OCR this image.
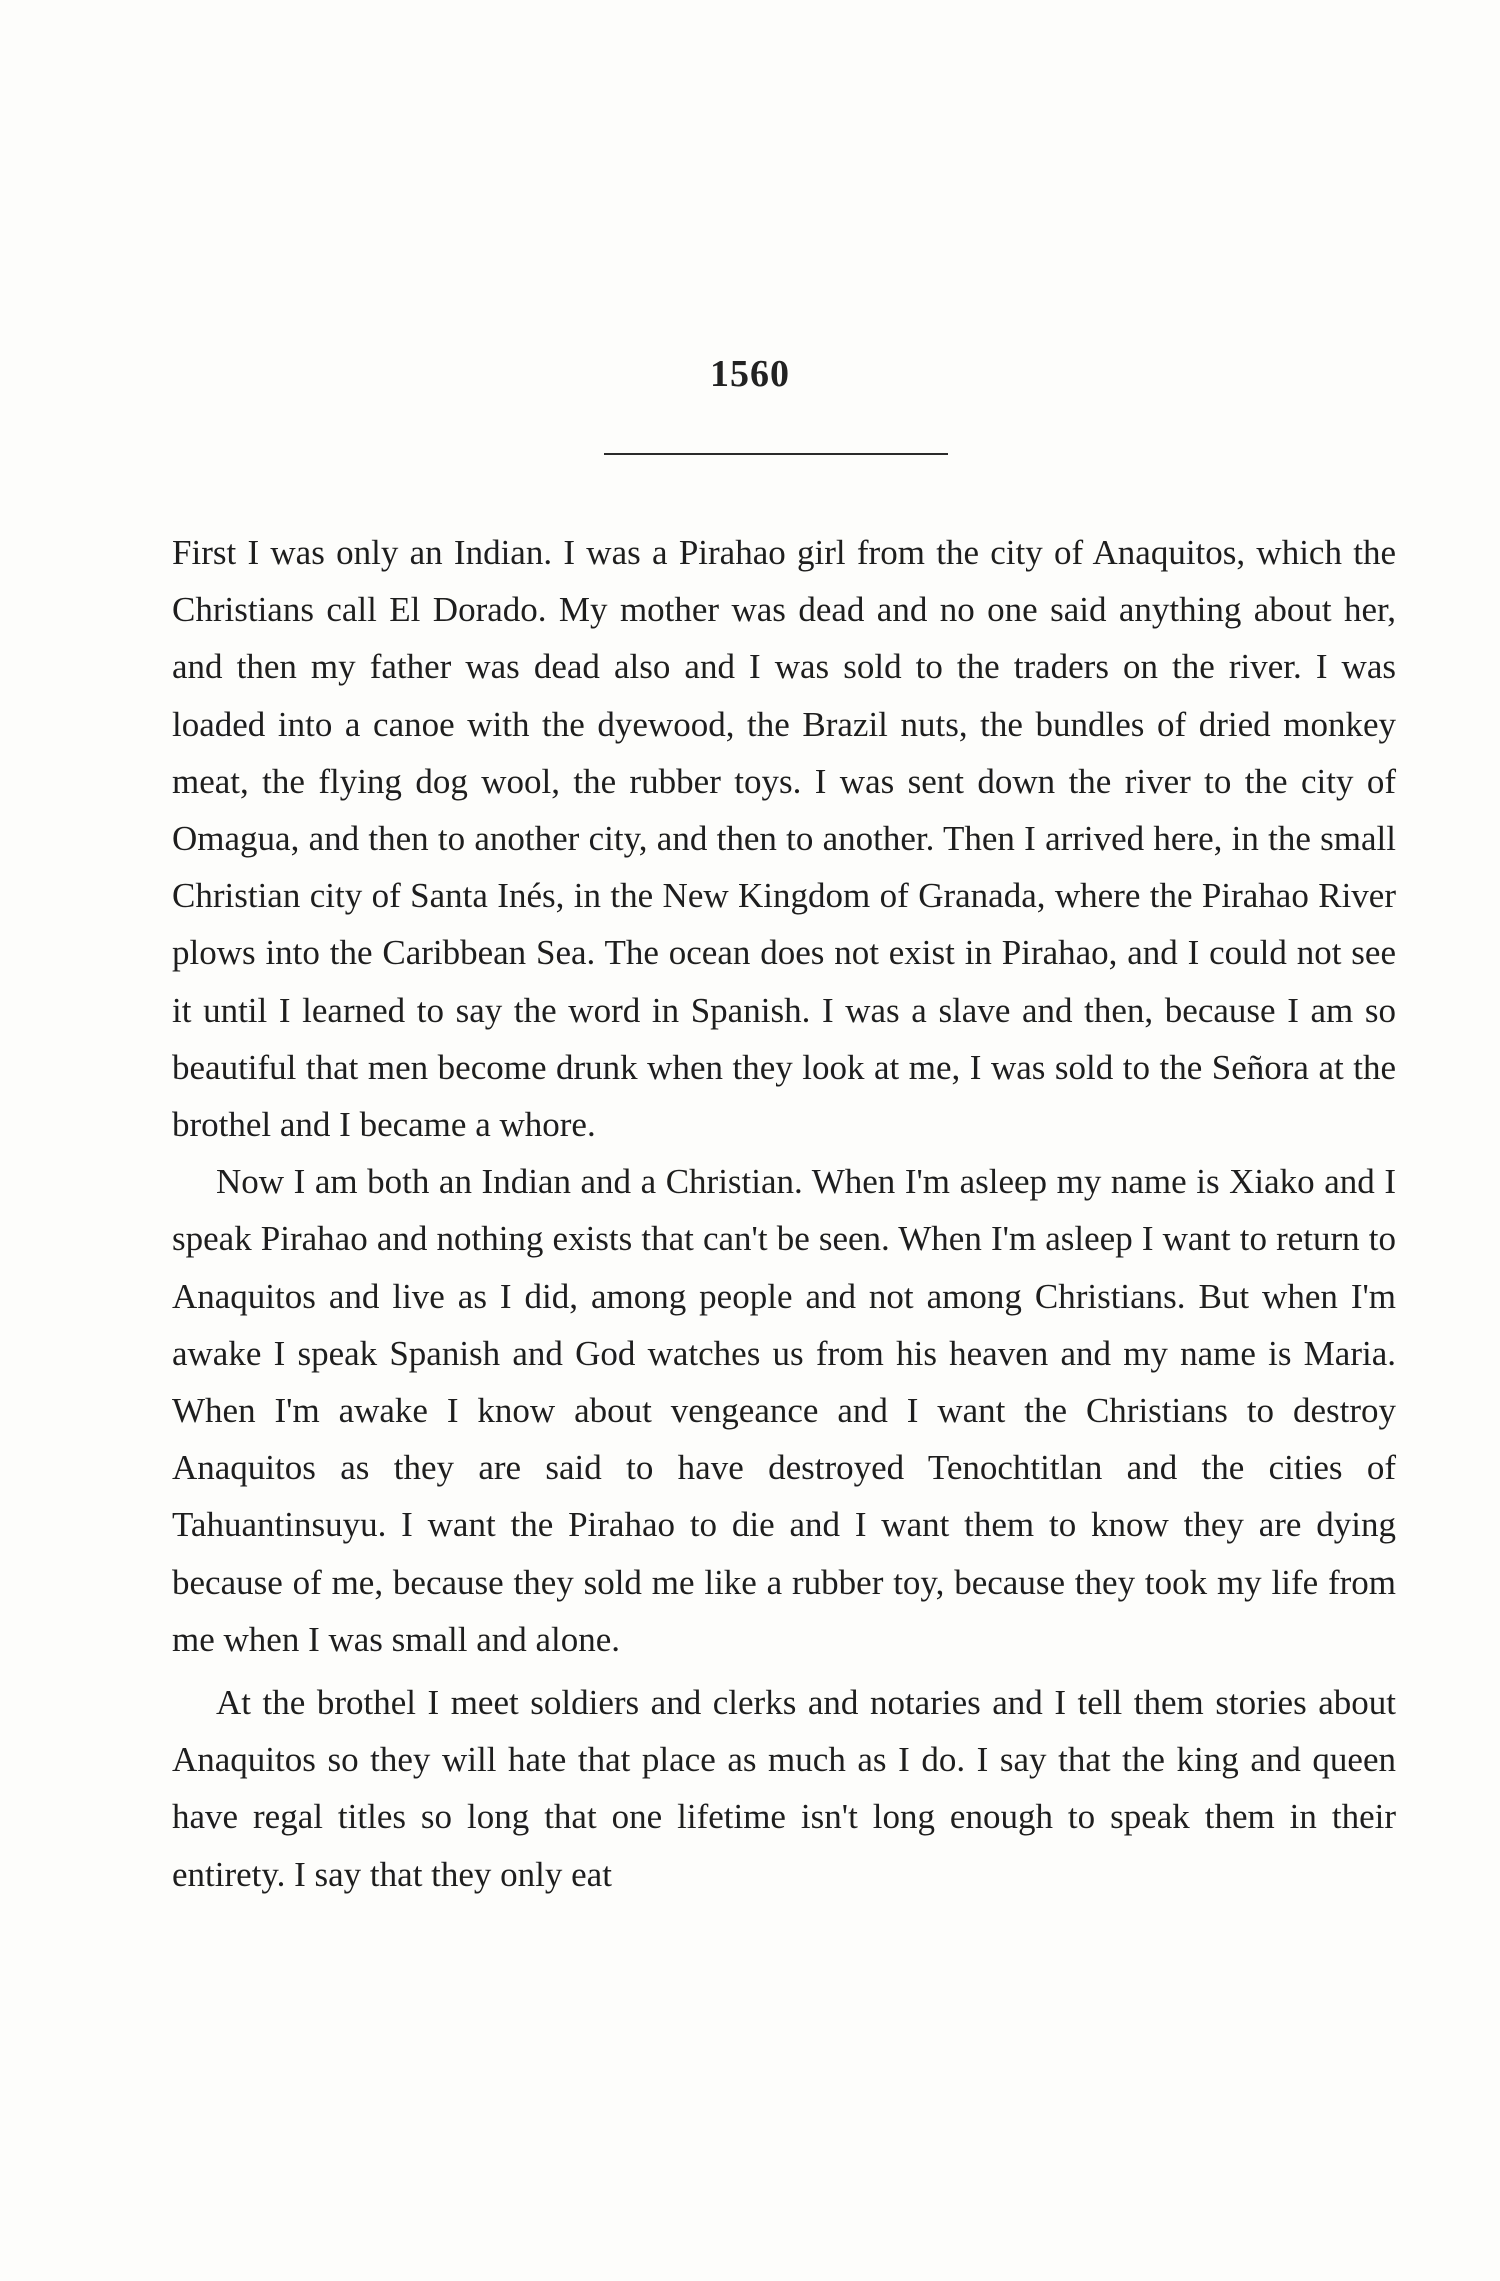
1560

First I was only an Indian. I was a Pirahao girl from the city of Anaquitos, which the Christians call El Dorado. My mother was dead and no one said anything about her, and then my father was dead also and I was sold to the traders on the river. I was loaded into a canoe with the dyewood, the Brazil nuts, the bundles of dried monkey meat, the flying dog wool, the rubber toys. I was sent down the river to the city of Omagua, and then to another city, and then to another. Then I arrived here, in the small Christian city of Santa Inés, in the New Kingdom of Granada, where the Pirahao River plows into the Caribbean Sea. The ocean does not exist in Pirahao, and I could not see it until I learned to say the word in Spanish. I was a slave and then, because I am so beautiful that men become drunk when they look at me, I was sold to the Señora at the brothel and I became a whore.

Now I am both an Indian and a Christian. When I'm asleep my name is Xiako and I speak Pirahao and nothing exists that can't be seen. When I'm asleep I want to return to Anaquitos and live as I did, among people and not among Christians. But when I'm awake I speak Spanish and God watches us from his heaven and my name is Maria. When I'm awake I know about vengeance and I want the Christians to destroy Anaquitos as they are said to have destroyed Tenochtitlan and the cities of Tahuantinsuyu. I want the Pirahao to die and I want them to know they are dying because of me, because they sold me like a rubber toy, because they took my life from me when I was small and alone.

At the brothel I meet soldiers and clerks and notaries and I tell them stories about Anaquitos so they will hate that place as much as I do. I say that the king and queen have regal titles so long that one lifetime isn't long enough to speak them in their entirety. I say that they only eat
